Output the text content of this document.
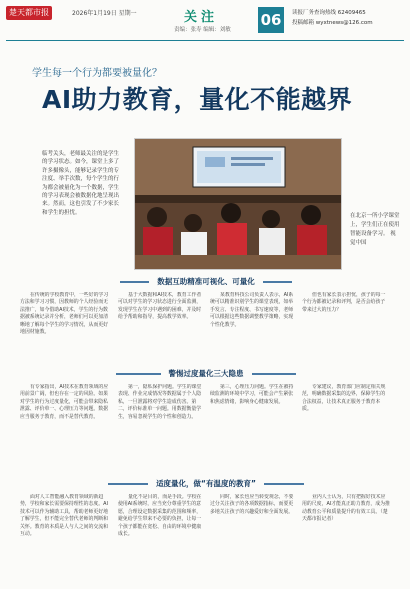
楚天都市报	2026年1月19日 星期一	关注
责编：张寿 编辑：刘敏
06	读报厂务查询热线 62409465
投稿邮箱 wyxtnews@126.com
学生每一个行为都要被量化？
AI助力教育，量化不能越界
临考关头，老师最关注的是学生的学习状态。如今，课堂上多了许多摄像头，能够记录学生的专注度、举手次数，每个学生的行为都会被量化为一个数据，学生的学习表现会被数据化地呈现出来。然而，这也引发了不少家长和学生的担忧。
在北京一所小学课堂上，学生们正在使用智能设备学习。 视觉中国
数据互助精准可视化、可量化

在传统的学校教育中，一些好的学习方法和学习习惯，因教师的个人经验而无法推广，如今借助AI技术，学生的行为数据被系统记录并分析，老师们可以更加清晰地了解每个学生的学习情况，从而更好地因材施教。

基于大数据和AI技术，教育工作者可以对学生的学习状态进行全面监测，发现学生在学习中遇到的困难，并及时给予帮助和指导，提高教学效率。

某教育科技公司负责人表示，AI系统可以精准识别学生的课堂表现，如举手发言、专注程度、书写速度等，老师可以根据这些数据调整教学策略，实现个性化教学。

但也有家长表示担忧，孩子的每一个行为都被记录和评判，是否会给孩子带来过大的压力？

警惕过度量化三大隐患

有专家指出，AI技术在教育领域的应用前景广阔，但也存在一定的风险。如果对学生的行为过度量化，可能会带来隐私泄露、评价单一、心理压力等问题。数据应当服务于教育，而不是替代教育。

第一，隐私保护问题。学生的课堂表现、作业完成情况等数据属于个人隐私，一旦泄露将对学生造成伤害。第二，评价标准单一问题。用数据衡量学生，容易忽视学生的个性和创造力。

第三，心理压力问题。学生在被持续监测的环境中学习，可能会产生紧张和焦虑情绪，影响身心健康发展。

专家建议，教育部门应制定相关规范，明确数据采集的边界，保障学生的合法权益，让技术真正服务于教育本质。

适度量化，做“有温度的教育”

面对人工智能融入教育领域的新趋势，学校和家长需要保持理性的态度。AI技术可以作为辅助工具，帮助老师更好地了解学生，但不能完全替代老师的判断和关怀。教育的本质是人与人之间的交流和互动。

量化不是目的，而是手段。学校在使用AI系统时，应当充分尊重学生的意愿，合理设定数据采集的范围和频率，避免给学生带来不必要的负担，让每一个孩子都能在宽松、自由的环境中健康成长。

同时，家长也应当转变观念，不要过分关注孩子的各项数据指标，而要更多地关注孩子的兴趣爱好和全面发展。

业内人士认为，只有把握好技术应用的尺度，AI才能真正助力教育，成为推动教育公平和质量提升的有效工具。（楚天都市报记者）
